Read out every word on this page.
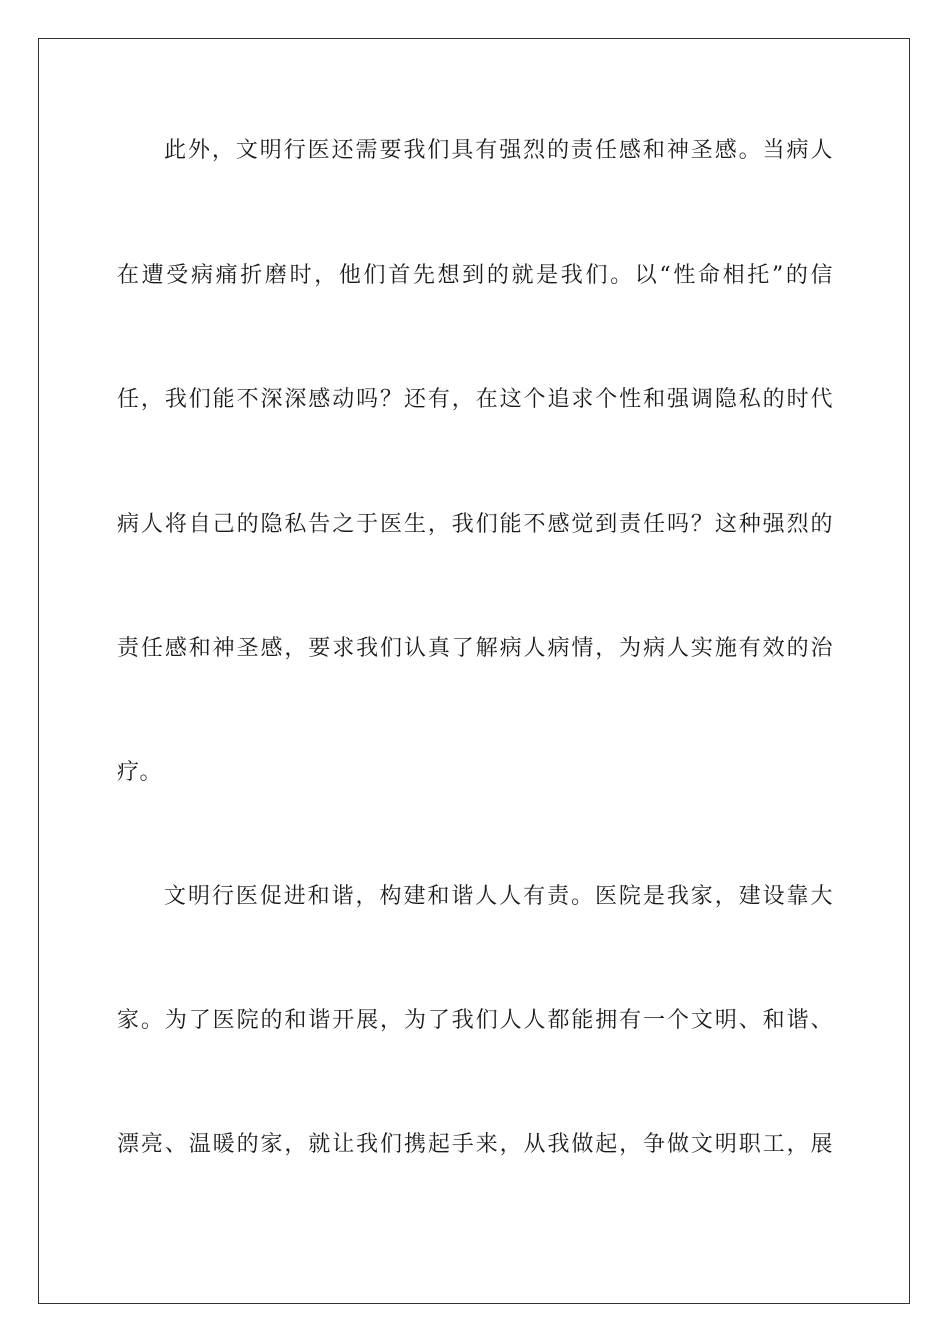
此外，文明行医还需要我们具有强烈的责任感和神圣感。当病人
在遭受病痛折磨时，他们首先想到的就是我们。以“性命相托”的信
任，我们能不深深感动吗？还有，在这个追求个性和强调隐私的时代
病人将自己的隐私告之于医生，我们能不感觉到责任吗？这种强烈的
责任感和神圣感，要求我们认真了解病人病情，为病人实施有效的治
疗。
文明行医促进和谐，构建和谐人人有责。医院是我家，建设靠大
家。为了医院的和谐开展，为了我们人人都能拥有一个文明、和谐、
漂亮、温暖的家，就让我们携起手来，从我做起，争做文明职工，展
